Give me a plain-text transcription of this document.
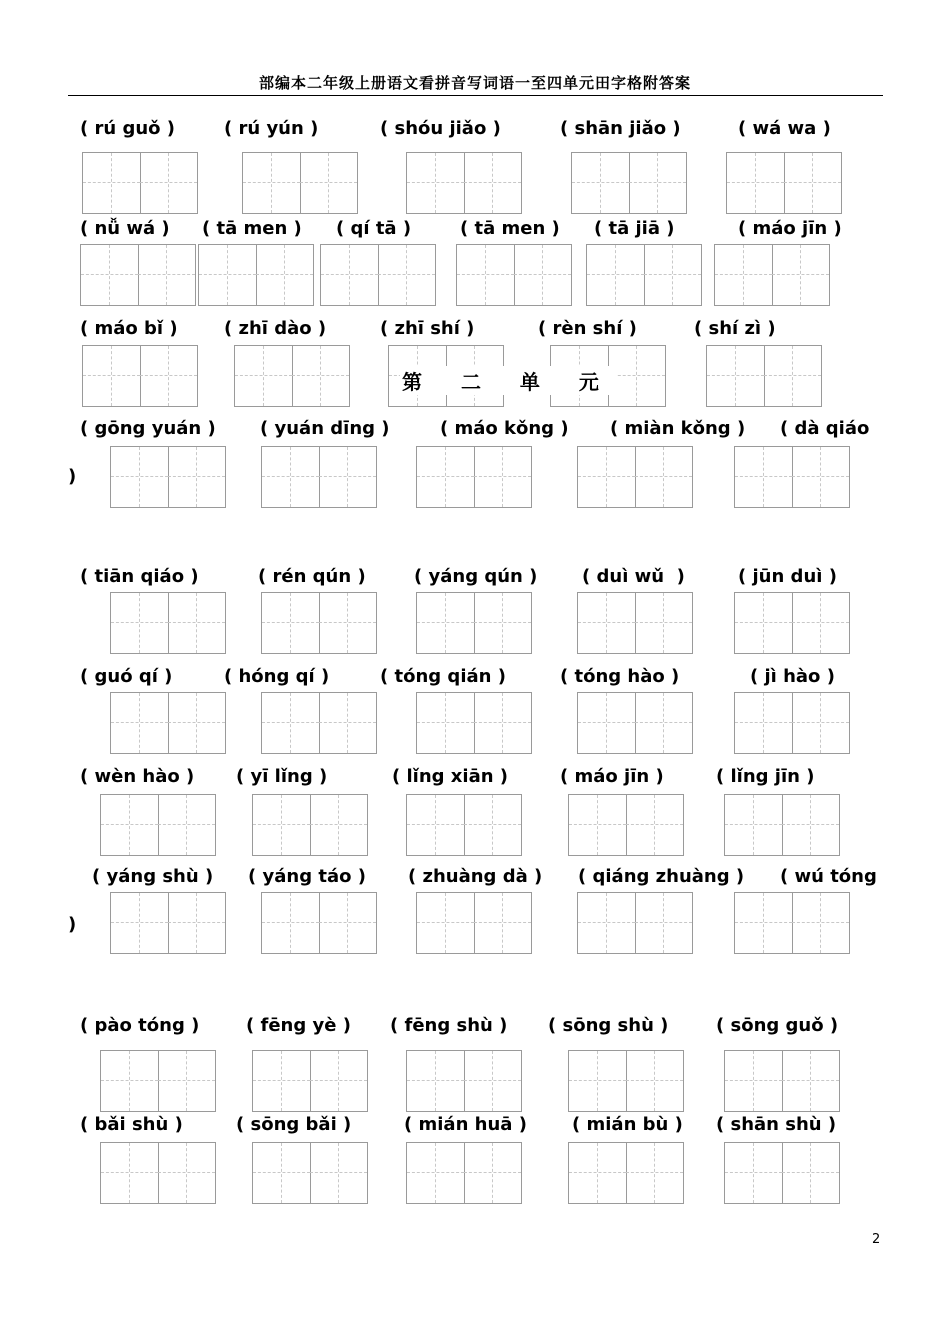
部编本二年级上册语文看拼音写词语一至四单元田字格附答案
( rú guǒ )	( rú yún )	( shóu jiǎo )	( shān jiǎo )	( wá wa )
( nǚ wá ) ( tā men ) ( qí tā )	( tā men ) ( tā jiā )	( máo jīn )
( máo bǐ )	( zhī dào )	( zhī shí )	( rèn shí )	( shí zì )
( gōng yuán ) ( yuán dīng )	( máo kǒng ) ( miàn kǒng ) ( dà qiáo
( tiān qiáo )	( rén qún )	( yáng qún ) ( duì wǔ  )	( jūn duì )
( guó qí )	( hóng qí )	( tóng qián )	( tóng hào )	( jì hào )
( wèn hào ) ( yī lǐng )	( lǐng xiān )	( máo jīn )	( lǐng jīn )
( yáng shù ) ( yáng táo ) ( zhuàng dà ) ( qiáng zhuàng ) ( wú tóng
( pào tóng )	( fēng yè ) ( fēng shù ) ( sōng shù )	( sōng guǒ )
( bǎi shù )	( sōng bǎi )	( mián huā )	( mián bù ) ( shān shù )
第 二 单 元
)
)
2
